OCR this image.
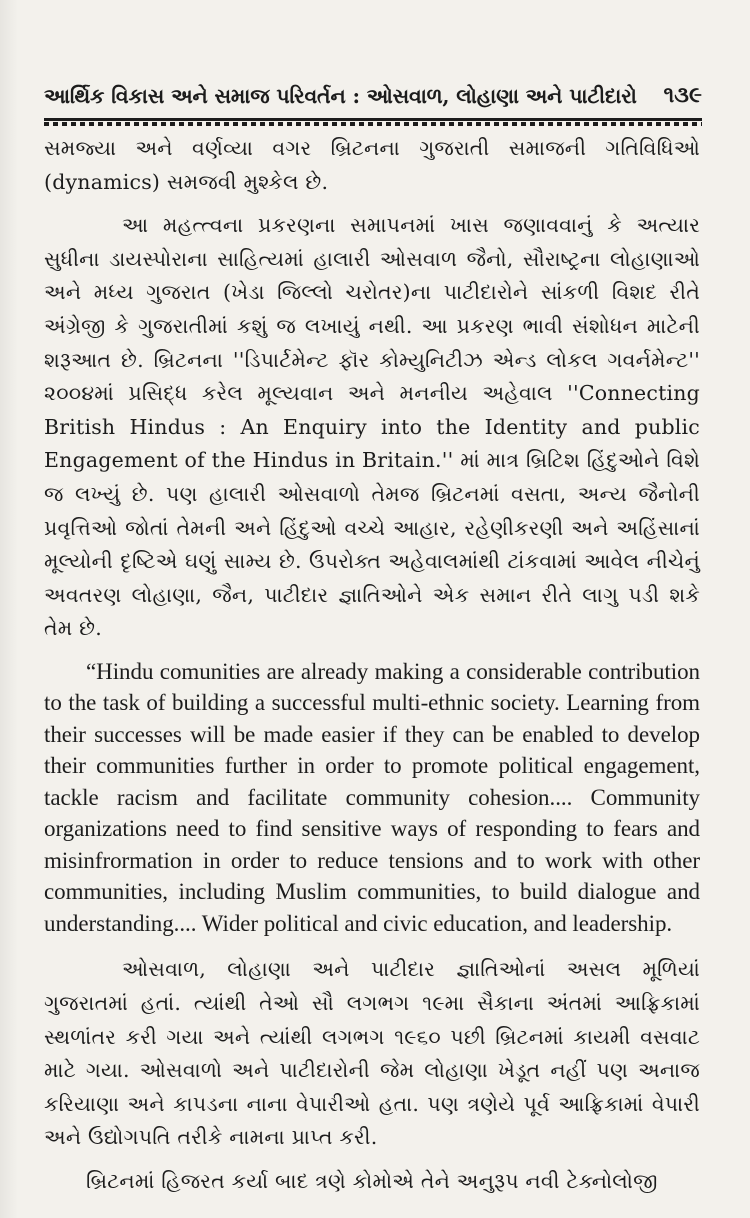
આર્થિક વિકાસ અને સમાજ પરિવર્તન : ઓસવાળ, લોહાણા અને પાટીદારો ૧૩૯

સમજ્યા અને વર્ણવ્યા વગર બ્રિટનના ગુજરાતી સમાજની ગતિવિધિઓ (dynamics) સમજવી મુશ્કેલ છે.

આ મહત્ત્વના પ્રકરણના સમાપનમાં ખાસ જણાવવાનું કે અત્યાર સુધીના ડાયસ્પોરાના સાહિત્યમાં હાલારી ઓસવાળ જૈનો, સૌરાષ્ટ્રના લોહાણાઓ અને મધ્ય ગુજરાત (ખેડા જિલ્લો ચરોતર)ના પાટીદારોને સાંકળી વિશદ રીતે અંગ્રેજી કે ગુજરાતીમાં કશું જ લખાયું નથી. આ પ્રકરણ ભાવી સંશોધન માટેની શરૂઆત છે. બ્રિટનના ''ડિપાર્ટમેન્ટ ફૉર કોમ્યુનિટીઝ એન્ડ લોકલ ગવર્નમેન્ટ'' ૨૦૦૪માં પ્રસિદ્ધ કરેલ મૂલ્યવાન અને મનનીય અહેવાલ ''Connecting British Hindus : An Enquiry into the Identity and public Engagement of the Hindus in Britain.'' માં માત્ર બ્રિટિશ હિંદુઓને વિશે જ લખ્યું છે. પણ હાલારી ઓસવાળો તેમજ બ્રિટનમાં વસતા, અન્ય જૈનોની પ્રવૃત્તિઓ જોતાં તેમની અને હિંદુઓ વચ્ચે આહાર, રહેણીકરણી અને અહિંસાનાં મૂલ્યોની દૃષ્ટિએ ઘણું સામ્ય છે. ઉપરોક્ત અહેવાલમાંથી ટાંકવામાં આવેલ નીચેનું અવતરણ લોહાણા, જૈન, પાટીદાર જ્ઞાતિઓને એક સમાન રીતે લાગુ પડી શકે તેમ છે.

“Hindu comunities are already making a considerable contribution to the task of building a successful multi-ethnic society. Learning from their successes will be made easier if they can be enabled to develop their communities further in order to promote political engagement, tackle racism and facilitate community cohesion.... Community organizations need to find sensitive ways of responding to fears and misinfrormation in order to reduce tensions and to work with other communities, including Muslim communities, to build dialogue and understanding.... Wider political and civic education, and leadership.

ઓસવાળ, લોહાણા અને પાટીદાર જ્ઞાતિઓનાં અસલ મૂળિયાં ગુજરાતમાં હતાં. ત્યાંથી તેઓ સૌ લગભગ ૧૯મા સૈકાના અંતમાં આફ્રિકામાં સ્થળાંતર કરી ગયા અને ત્યાંથી લગભગ ૧૯૬૦ પછી બ્રિટનમાં કાયમી વસવાટ માટે ગયા. ઓસવાળો અને પાટીદારોની જેમ લોહાણા ખેડૂત નહીં પણ અનાજ કરિયાણા અને કાપડના નાના વેપારીઓ હતા. પણ ત્રણેયે પૂર્વ આફ્રિકામાં વેપારી અને ઉદ્યોગપતિ તરીકે નામના પ્રાપ્ત કરી.

બ્રિટનમાં હિજરત કર્યા બાદ ત્રણે કોમોએ તેને અનુરૂપ નવી ટેક્નોલોજી
